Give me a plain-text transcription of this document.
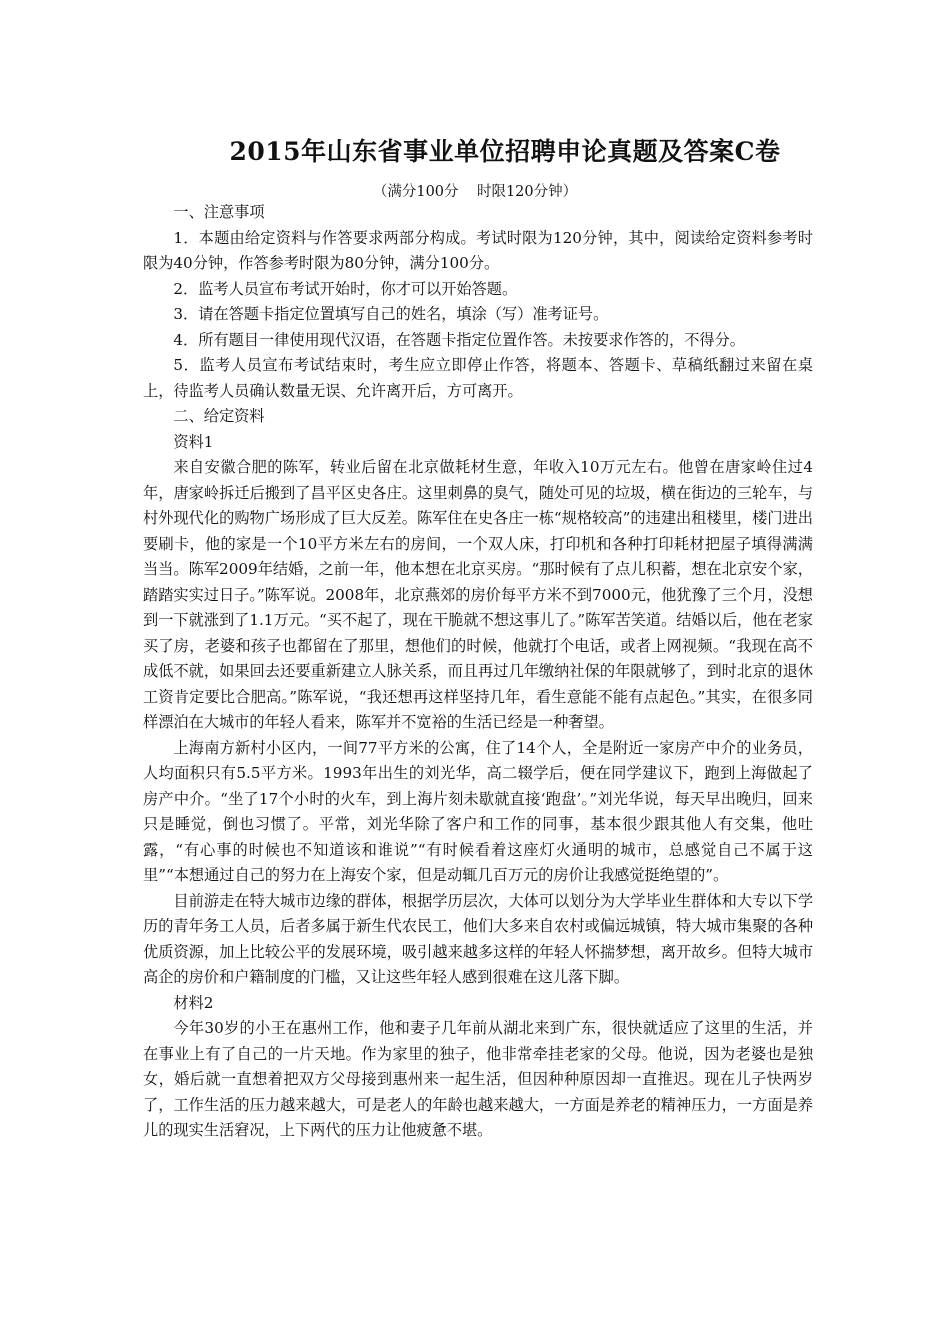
2015年山东省事业单位招聘申论真题及答案C卷
（满分100分    时限120分钟）

一、注意事项

1．本题由给定资料与作答要求两部分构成。考试时限为120分钟，其中，阅读给定资料参考时限为40分钟，作答参考时限为80分钟，满分100分。

2．监考人员宣布考试开始时，你才可以开始答题。

3．请在答题卡指定位置填写自己的姓名，填涂（写）准考证号。

4．所有题目一律使用现代汉语，在答题卡指定位置作答。未按要求作答的，不得分。

5．监考人员宣布考试结束时，考生应立即停止作答，将题本、答题卡、草稿纸翻过来留在桌上，待监考人员确认数量无误、允许离开后，方可离开。

二、给定资料

资料1

来自安徽合肥的陈军，转业后留在北京做耗材生意，年收入10万元左右。他曾在唐家岭住过4年，唐家岭拆迁后搬到了昌平区史各庄。这里刺鼻的臭气，随处可见的垃圾，横在街边的三轮车，与村外现代化的购物广场形成了巨大反差。陈军住在史各庄一栋“规格较高”的违建出租楼里，楼门进出要刷卡，他的家是一个10平方米左右的房间，一个双人床，打印机和各种打印耗材把屋子填得满满当当。陈军2009年结婚，之前一年，他本想在北京买房。“那时候有了点儿积蓄，想在北京安个家，踏踏实实过日子。”陈军说。2008年，北京燕郊的房价每平方米不到7000元，他犹豫了三个月，没想到一下就涨到了1.1万元。“买不起了，现在干脆就不想这事儿了。”陈军苦笑道。结婚以后，他在老家买了房，老婆和孩子也都留在了那里，想他们的时候，他就打个电话，或者上网视频。“我现在高不成低不就，如果回去还要重新建立人脉关系，而且再过几年缴纳社保的年限就够了，到时北京的退休工资肯定要比合肥高。”陈军说，“我还想再这样坚持几年，看生意能不能有点起色。”其实，在很多同样漂泊在大城市的年轻人看来，陈军并不宽裕的生活已经是一种奢望。

上海南方新村小区内，一间77平方米的公寓，住了14个人，全是附近一家房产中介的业务员，人均面积只有5.5平方米。1993年出生的刘光华，高二辍学后，便在同学建议下，跑到上海做起了房产中介。“坐了17个小时的火车，到上海片刻未歇就直接‘跑盘’。”刘光华说，每天早出晚归，回来只是睡觉，倒也习惯了。平常，刘光华除了客户和工作的同事，基本很少跟其他人有交集，他吐露，“有心事的时候也不知道该和谁说”“有时候看着这座灯火通明的城市，总感觉自己不属于这里”“本想通过自己的努力在上海安个家，但是动辄几百万元的房价让我感觉挺绝望的”。

目前游走在特大城市边缘的群体，根据学历层次，大体可以划分为大学毕业生群体和大专以下学历的青年务工人员，后者多属于新生代农民工，他们大多来自农村或偏远城镇，特大城市集聚的各种优质资源，加上比较公平的发展环境，吸引越来越多这样的年轻人怀揣梦想，离开故乡。但特大城市高企的房价和户籍制度的门槛，又让这些年轻人感到很难在这儿落下脚。

材料2

今年30岁的小王在惠州工作，他和妻子几年前从湖北来到广东，很快就适应了这里的生活，并在事业上有了自己的一片天地。作为家里的独子，他非常牵挂老家的父母。他说，因为老婆也是独女，婚后就一直想着把双方父母接到惠州来一起生活，但因种种原因却一直推迟。现在儿子快两岁了，工作生活的压力越来越大，可是老人的年龄也越来越大，一方面是养老的精神压力，一方面是养儿的现实生活窘况，上下两代的压力让他疲惫不堪。
